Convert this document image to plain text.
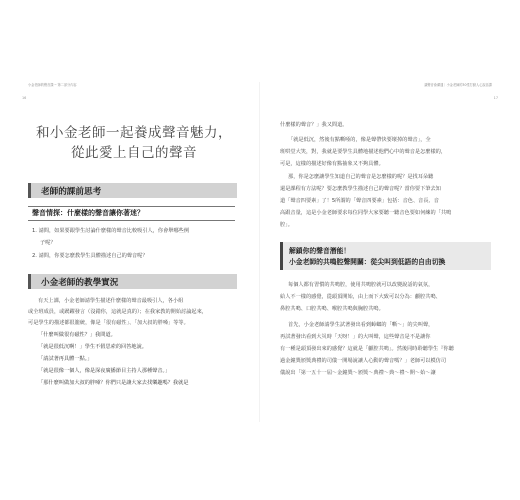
小金老師的聲音課 ─ 第二部分內容
16
和小金老師一起養成聲音魅力，
從此愛上自己的聲音
老師的課前思考
聲音情探：什麼樣的聲音讓你著迷？
1. 請問，如果要跟學生討論什麼樣的聲音比較吸引人，你會舉哪些例
子呢？
2. 請問，你要怎麼教學生具體描述自己的聲音呢？
小金老師的教學實況
有天上課，小金老師請學生描述什麼樣的聲音最吸引人，各小組
或全班成員，或踴躍發言（沒錯你，這就是真的）；在我家教的開始討論起來，
可是學生的描述都很籠統，像是「很有磁性」、「加大叔的胖嗓」等等。
「什麼叫做很有磁性？」我問道。
「就是很低沉啊！」學生不假思索的回答地說。
「請試著再具體一點。」
「就是很像一個人，像是深夜廣播節目主持人那種聲音。」
「那什麼叫做加大叔的胖嗓？你們只是讓大家去找樂趣嗎？我就是
讓聲音會溝通｜小金老師的30堂打動人心說話課
17
什麼樣的聲音？」我又問道。
「就是低沉，然後有點嘶啞的，像是聲帶快要壞掉的聲音」，全
班哄堂大笑，對，我就是要學生具體地描述他們心中的聲音是怎麼樣的，
可是，這樣的描述好像有點抽象又不夠具體。
那，你是怎麼讓學生知道自己的聲音是怎麼樣的呢？是找耳朵聽
還是課程有方法呢？要怎麼教學生描述自己的聲音呢？當你要下筆去知
道「聲音四要素」了！5所謂的「聲音四要素」包括：音色、音長、音
高跟音量，這是小金老師要求每位同學大家要聽一聽音色要如何練的「共鳴
腔」。
解鎖你的聲音潛能！
小金老師的共鳴腔聲開關：從尖叫到低語的自由切換
每個人都有習慣的共鳴腔，使用共鳴腔就可以改變說話的氣氛，
給人不一樣的感覺，從頭頂開始，由上而下大致可以分為：顱腔共鳴、
鼻腔共鳴、口腔共鳴、喉腔共鳴與胸腔共鳴。
首先，小金老師請學生試著發出看到蟑螂的「嘶～」的尖叫聲，
再試著發出看到大災時「天呀！」的大叫聲，這些聲音是不是讓你
有一種是頭頂發出來的感覺？這就是「顱腔共鳴」。然後同時聆聽學生『你聽
過金鐘獎頒獎典禮的司儀一開場說讓人心動的聲音嗎？」老師可以模仿司
儀說出「第一五十一屆～金鐘獎～頒獎～典禮～典～禮～開～始～讓
